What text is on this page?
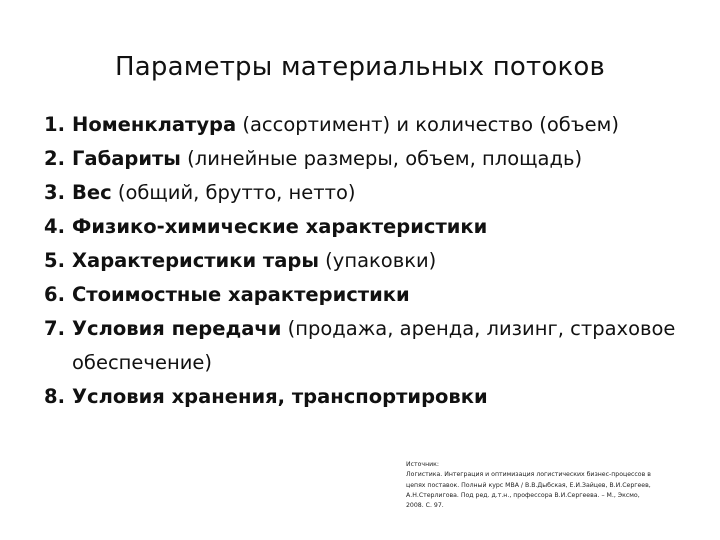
Параметры материальных потоков
1. Номенклатура (ассортимент) и количество (объем)
2. Габариты (линейные размеры, объем, площадь)
3. Вес (общий, брутто, нетто)
4. Физико-химические характеристики
5. Характеристики тары (упаковки)
6. Стоимостные характеристики
7. Условия передачи (продажа, аренда, лизинг, страховое обеспечение)
8. Условия хранения, транспортировки
Источник:
Логистика. Интеграция и оптимизация логистических бизнес-процессов в
цепях поставок. Полный курс MBA / В.В.Дыбская, Е.И.Зайцев, В.И.Сергеев,
А.Н.Стерлигова. Под ред. д.т.н., профессора В.И.Сергеева. – М., Эксмо,
2008. С. 97.
